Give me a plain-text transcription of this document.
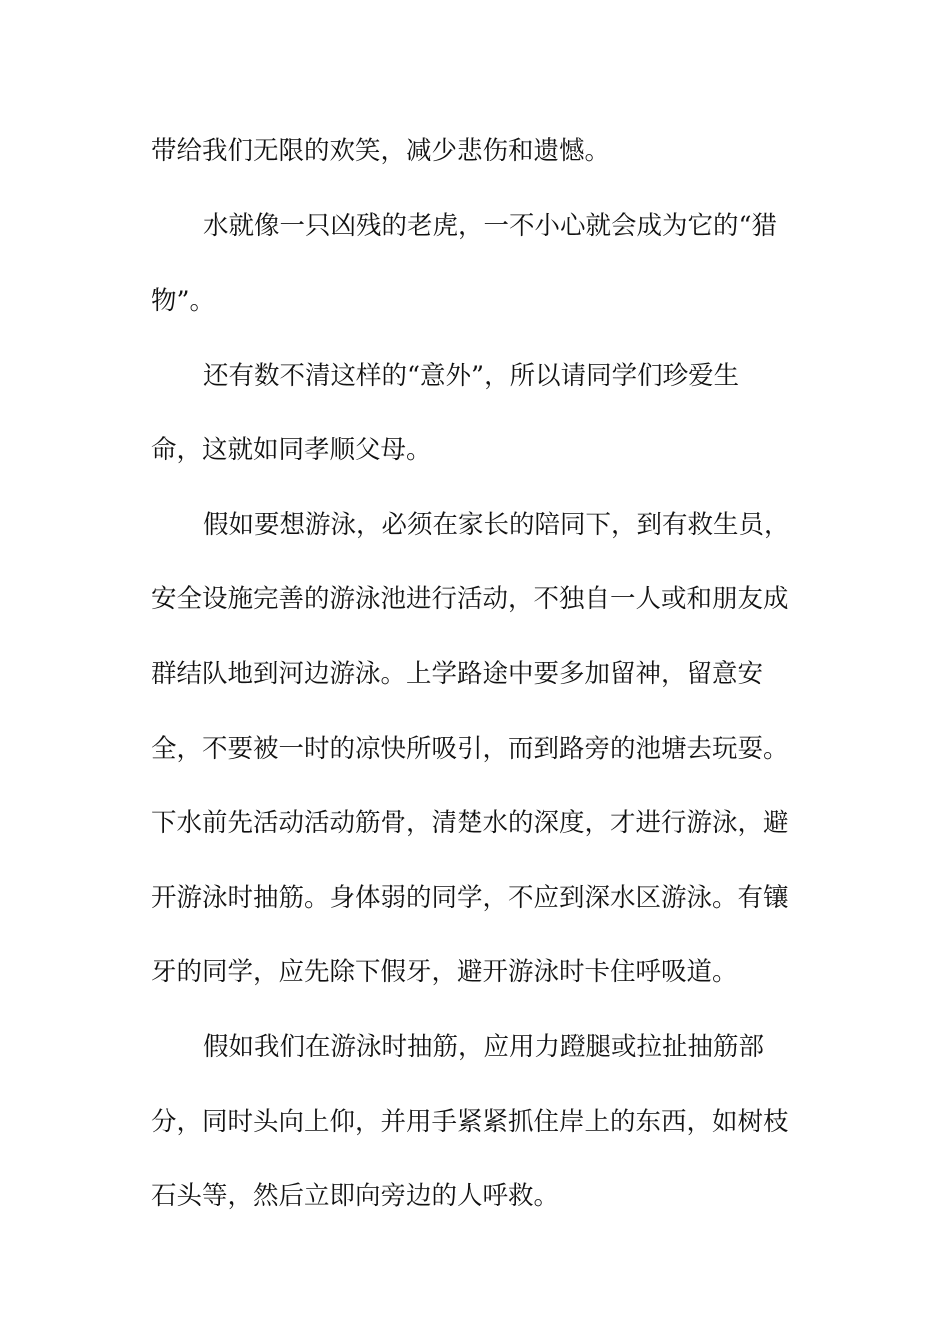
带给我们无限的欢笑，减少悲伤和遗憾。
水就像一只凶残的老虎，一不小心就会成为它的“猎
物”。
还有数不清这样的“意外”，所以请同学们珍爱生
命，这就如同孝顺父母。
假如要想游泳，必须在家长的陪同下，到有救生员，
安全设施完善的游泳池进行活动，不独自一人或和朋友成
群结队地到河边游泳。上学路途中要多加留神，留意安
全，不要被一时的凉快所吸引，而到路旁的池塘去玩耍。
下水前先活动活动筋骨，清楚水的深度，才进行游泳，避
开游泳时抽筋。身体弱的同学，不应到深水区游泳。有镶
牙的同学，应先除下假牙，避开游泳时卡住呼吸道。
假如我们在游泳时抽筋，应用力蹬腿或拉扯抽筋部
分，同时头向上仰，并用手紧紧抓住岸上的东西，如树枝
石头等，然后立即向旁边的人呼救。
